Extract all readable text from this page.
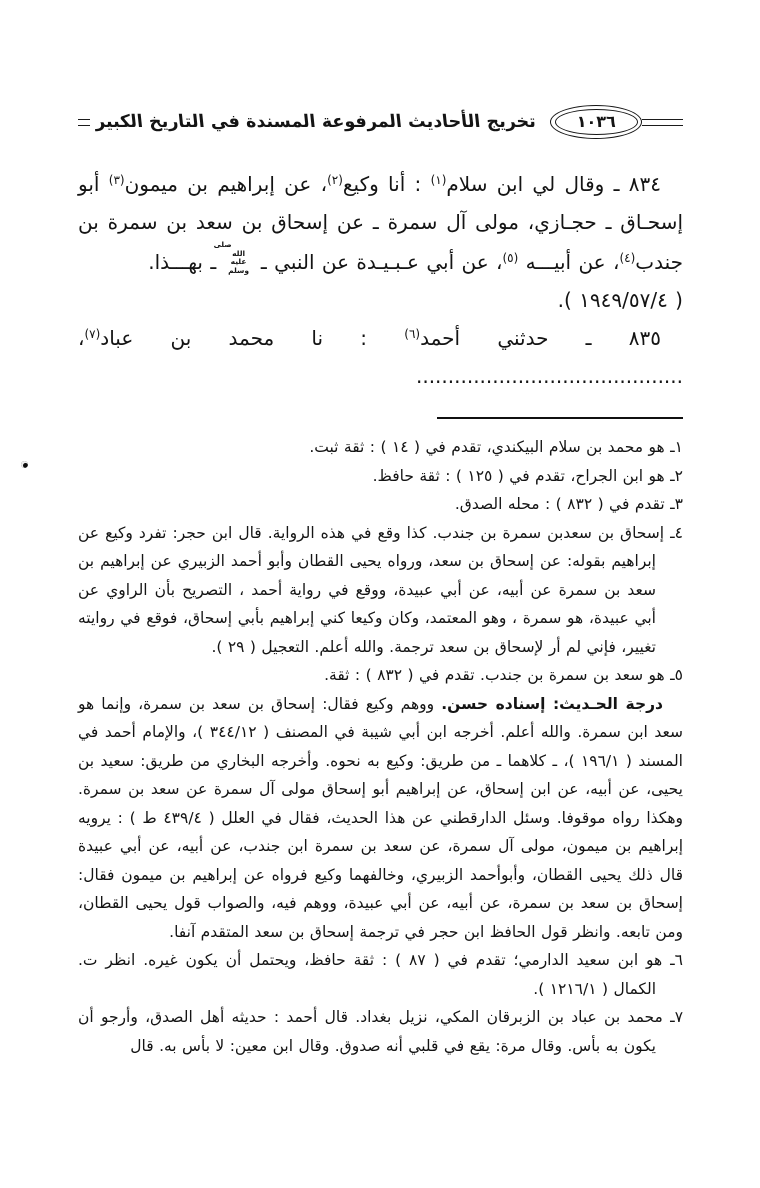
تخريج الأحاديث المرفوعة المسندة في التاريخ الكبير	١٠٣٦

٨٣٤ ـ وقال لي ابن سلام$^{(١)}$ : أنا وكيع$^{(٢)}$، عن إبراهيم بن ميمون$^{(٣)}$ أبو إسحـاق ـ حجـازي، مولى آل سمرة ـ عن إسحاق بن سعد بن سمرة بن جندب$^{(٤)}$، عن أبيـــه $^{(٥)}$، عن أبي عـبـيـدة عن النبي ـ صلى الله عليه وسلم ـ بهـــذا.

( ١٩٤٩/٥٧/٤ ).

٨٣٥ ـ حدثني أحمد$^{(٦)}$ : نا محمد بن عباد$^{(٧)}$، ..........................................

١ـ هو محمد بن سلام البيكندي، تقدم في ( ١٤ ) : ثقة ثبت.
٢ـ هو ابن الجراح، تقدم في ( ١٢٥ ) : ثقة حافظ.
٣ـ تقدم في ( ٨٣٢ ) : محله الصدق.
٤ـ إسحاق بن سعدبن سمرة بن جندب. كذا وقع في هذه الرواية. قال ابن حجر: تفرد وكيع عن إبراهيم بقوله: عن إسحاق بن سعد، ورواه يحيى القطان وأبو أحمد الزبيري عن إبراهيم بن سعد بن سمرة عن أبيه، عن أبي عبيدة، ووقع في رواية أحمد ، التصريح بأن الراوي عن أبي عبيدة، هو سمرة ، وهو المعتمد، وكان وكيعا كني إبراهيم بأبي إسحاق، فوقع في روايته تغيير، فإني لم أر لإسحاق بن سعد ترجمة. والله أعلم. التعجيل ( ٢٩ ).
٥ـ هو سعد بن سمرة بن جندب. تقدم في ( ٨٣٢ ) : ثقة.
درجة الحـديث: إسناده حسن. ووهم وكيع فقال: إسحاق بن سعد بن سمرة، وإنما هو سعد ابن سمرة. والله أعلم. أخرجه ابن أبي شيبة في المصنف ( ٣٤٤/١٢ )، والإمام أحمد في المسند ( ١٩٦/١ )، ـ كلاهما ـ من طريق: وكيع به نحوه. وأخرجه البخاري من طريق: سعيد بن يحيى، عن أبيه، عن ابن إسحاق، عن إبراهيم أبو إسحاق مولى آل سمرة عن سعد بن سمرة. وهكذا رواه موقوفا. وسئل الدارقطني عن هذا الحديث، فقال في العلل ( ٤٣٩/٤ ط ) : يرويه إبراهيم بن ميمون، مولى آل سمرة، عن سعد بن سمرة ابن جندب، عن أبيه، عن أبي عبيدة قال ذلك يحيى القطان، وأبوأحمد الزبيري، وخالفهما وكيع فرواه عن إبراهيم بن ميمون فقال: إسحاق بن سعد بن سمرة، عن أبيه، عن أبي عبيدة، ووهم فيه، والصواب قول يحيى القطان، ومن تابعه. وانظر قول الحافظ ابن حجر في ترجمة إسحاق بن سعد المتقدم آنفا.
٦ـ هو ابن سعيد الدارمي؛ تقدم في ( ٨٧ ) : ثقة حافظ، ويحتمل أن يكون غيره. انظر ت. الكمال ( ١٢١٦/١ ).
٧ـ محمد بن عباد بن الزبرقان المكي، نزيل بغداد. قال أحمد : حديثه أهل الصدق، وأرجو أن يكون به بأس. وقال مرة: يقع في قلبي أنه صدوق. وقال ابن معين: لا بأس به. قال
